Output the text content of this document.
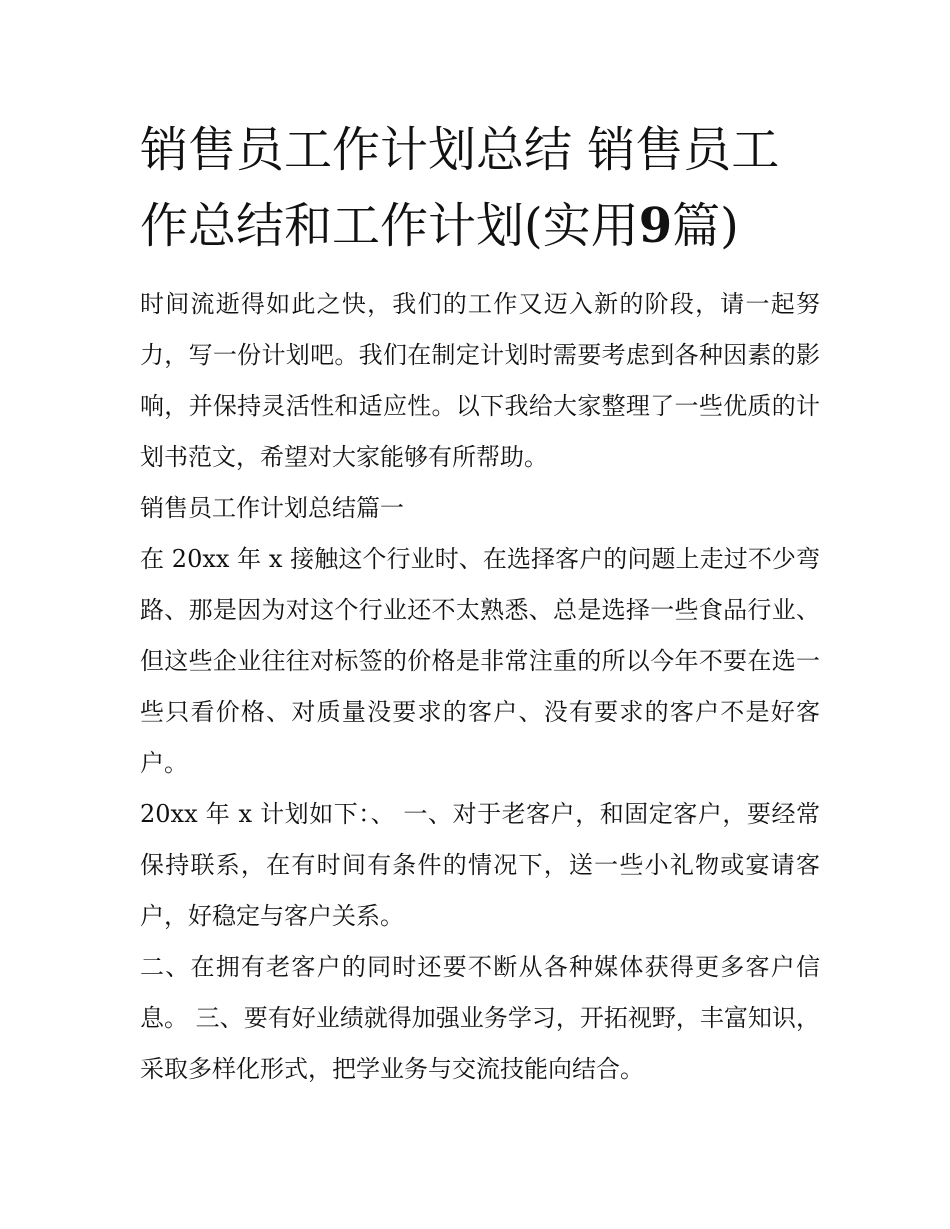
销售员工作计划总结 销售员工作总结和工作计划(实用9篇)

时间流逝得如此之快，我们的工作又迈入新的阶段，请一起努力，写一份计划吧。我们在制定计划时需要考虑到各种因素的影响，并保持灵活性和适应性。以下我给大家整理了一些优质的计划书范文，希望对大家能够有所帮助。

销售员工作计划总结篇一

在 20xx 年 x 接触这个行业时、在选择客户的问题上走过不少弯路、那是因为对这个行业还不太熟悉、总是选择一些食品行业、但这些企业往往对标签的价格是非常注重的所以今年不要在选一些只看价格、对质量没要求的客户、没有要求的客户不是好客户。

20xx 年 x 计划如下：、 一、对于老客户，和固定客户，要经常保持联系，在有时间有条件的情况下，送一些小礼物或宴请客户，好稳定与客户关系。

二、在拥有老客户的同时还要不断从各种媒体获得更多客户信息。 三、要有好业绩就得加强业务学习，开拓视野，丰富知识，采取多样化形式，把学业务与交流技能向结合。
